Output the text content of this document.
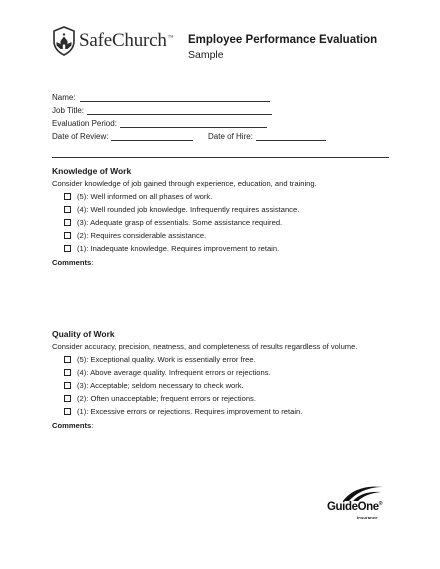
SafeChurch™ Employee Performance Evaluation
Sample
Name:
Job Title:
Evaluation Period:
Date of Review:	Date of Hire:
Knowledge of Work
Consider knowledge of job gained through experience, education, and training.
(5): Well informed on all phases of work.
(4): Well rounded job knowledge. Infrequently requires assistance.
(3): Adequate grasp of essentials. Some assistance required.
(2): Requires considerable assistance.
(1): Inadequate knowledge. Requires improvement to retain.
Comments:
Quality of Work
Consider accuracy, precision, neatness, and completeness of results regardless of volume.
(5): Exceptional quality. Work is essentially error free.
(4): Above average quality. Infrequent errors or rejections.
(3): Acceptable; seldom necessary to check work.
(2): Often unacceptable; frequent errors or rejections.
(1): Excessive errors or rejections. Requires improvement to retain.
Comments:
GuideOne®
Insurance
